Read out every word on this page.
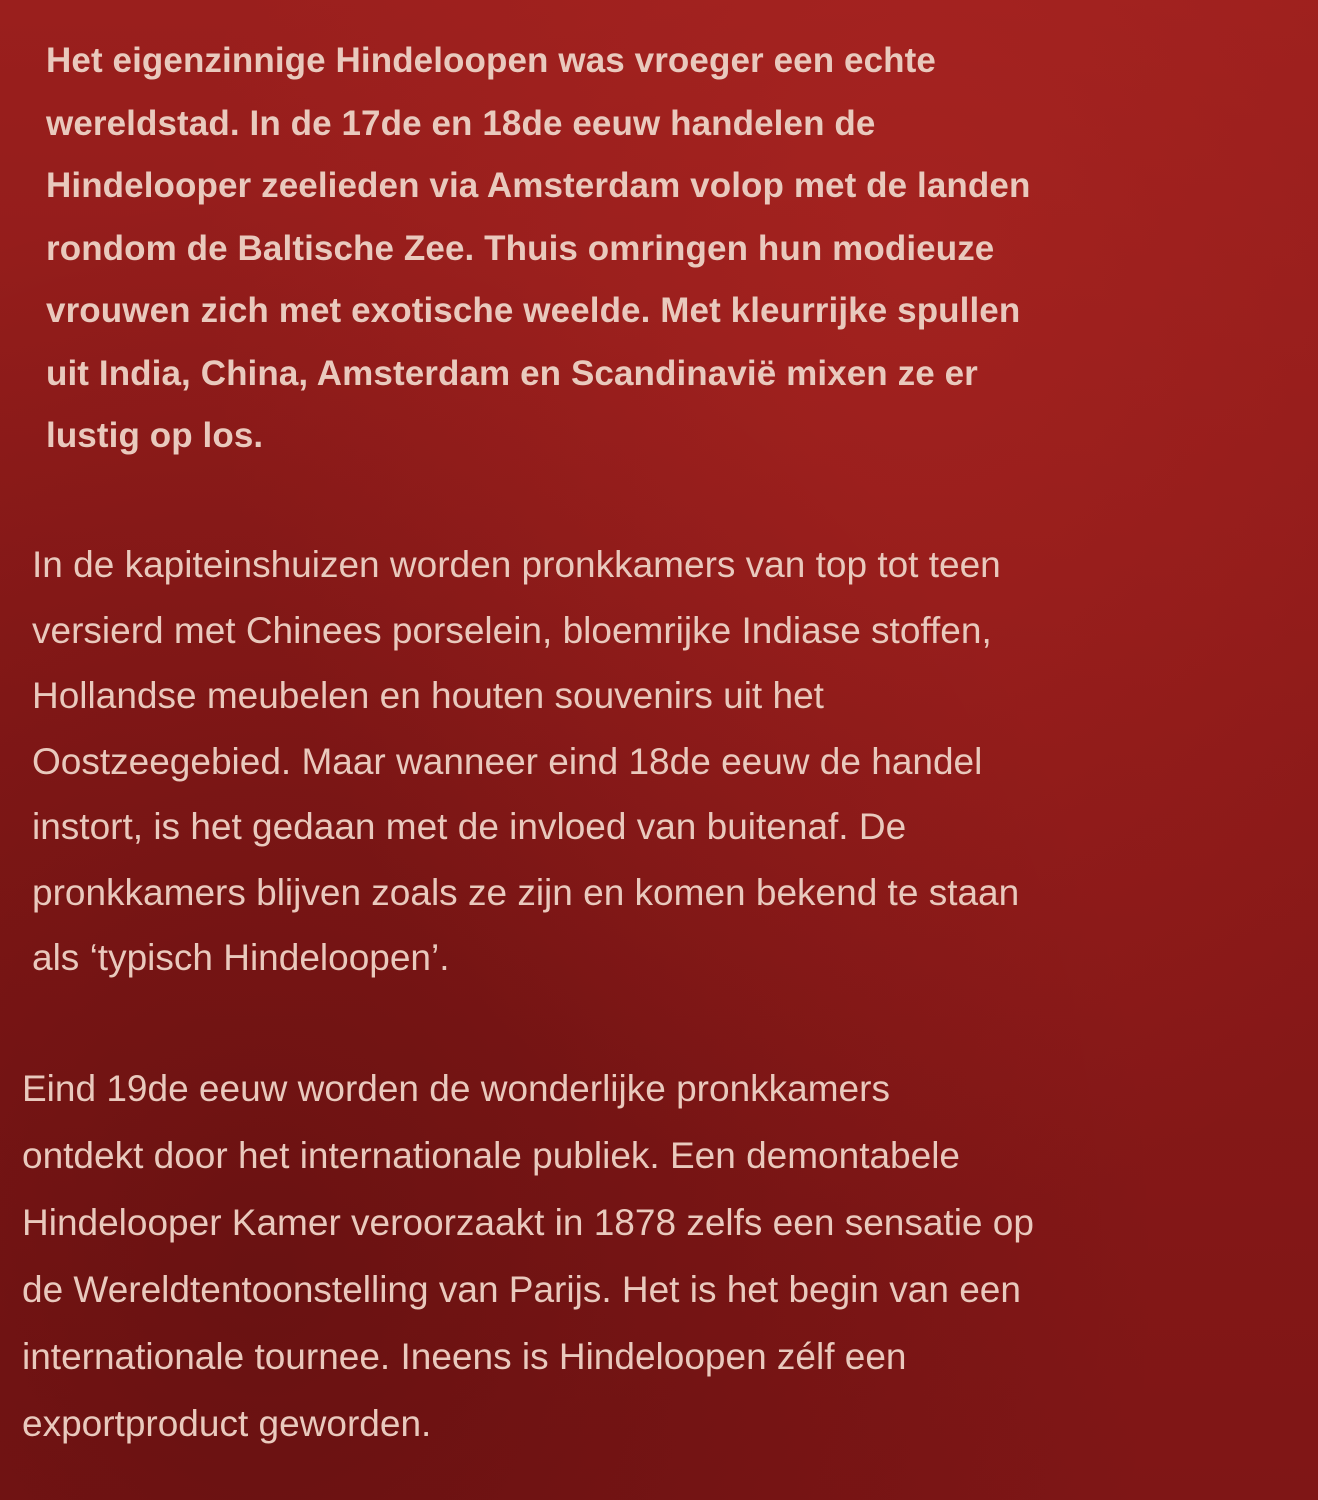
Het eigenzinnige Hindeloopen was vroeger een echte
wereldstad. In de 17de en 18de eeuw handelen de
Hindelooper zeelieden via Amsterdam volop met de landen
rondom de Baltische Zee. Thuis omringen hun modieuze
vrouwen zich met exotische weelde. Met kleurrijke spullen
uit India, China, Amsterdam en Scandinavië mixen ze er
lustig op los.

In de kapiteinshuizen worden pronkkamers van top tot teen
versierd met Chinees porselein, bloemrijke Indiase stoffen,
Hollandse meubelen en houten souvenirs uit het
Oostzeegebied. Maar wanneer eind 18de eeuw de handel
instort, is het gedaan met de invloed van buitenaf. De
pronkkamers blijven zoals ze zijn en komen bekend te staan
als ‘typisch Hindeloopen’.

Eind 19de eeuw worden de wonderlijke pronkkamers
ontdekt door het internationale publiek. Een demontabele
Hindelooper Kamer veroorzaakt in 1878 zelfs een sensatie op
de Wereldtentoonstelling van Parijs. Het is het begin van een
internationale tournee. Ineens is Hindeloopen zélf een
exportproduct geworden.
